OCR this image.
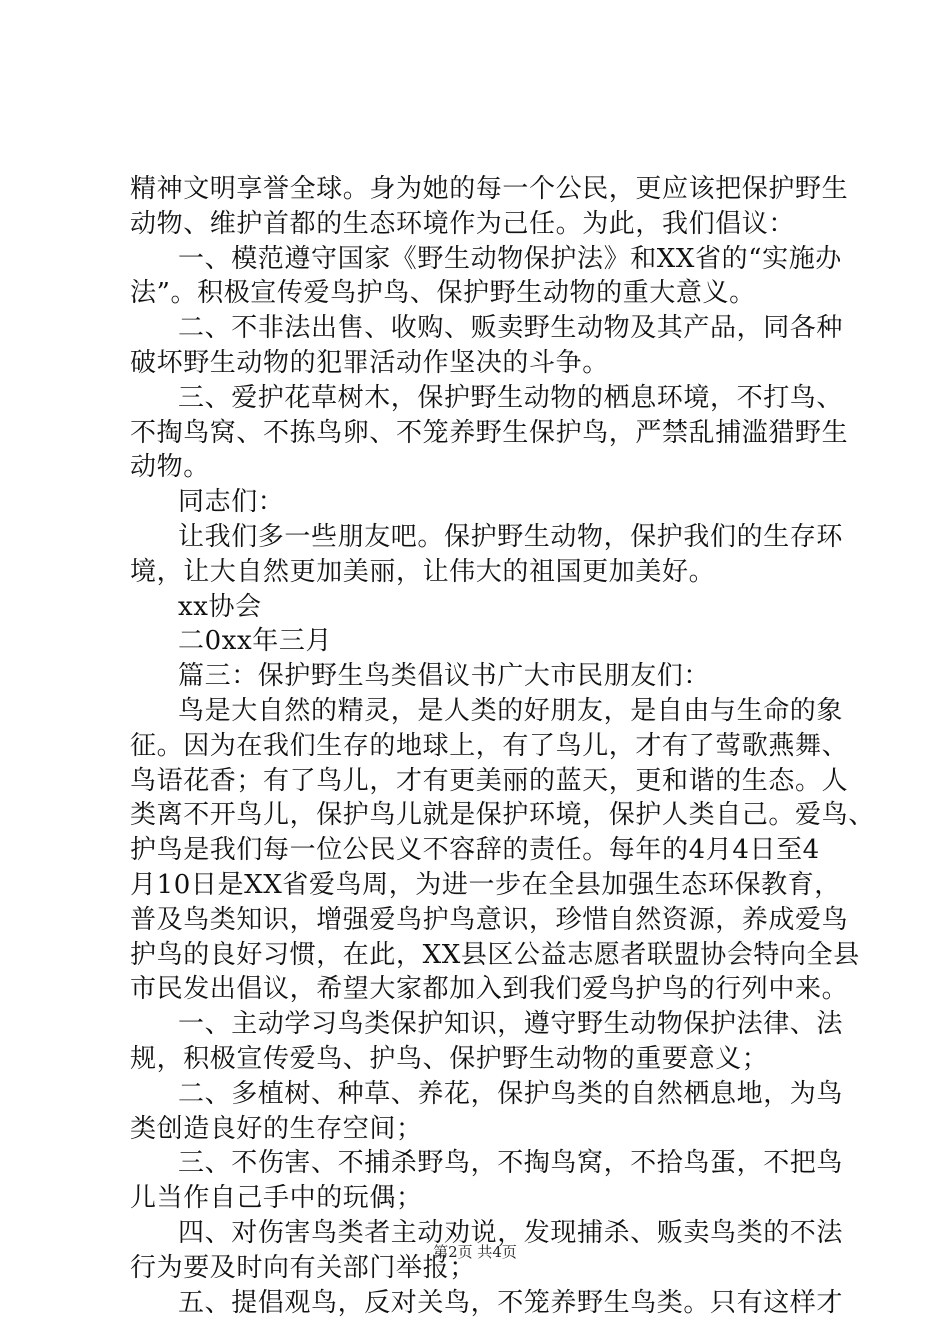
精神文明享誉全球。身为她的每一个公民，更应该把保护野生
动物、维护首都的生态环境作为己任。为此，我们倡议：
一、模范遵守国家《野生动物保护法》和XX省的“实施办
法”。积极宣传爱鸟护鸟、保护野生动物的重大意义。
二、不非法出售、收购、贩卖野生动物及其产品，同各种
破坏野生动物的犯罪活动作坚决的斗争。
三、爱护花草树木，保护野生动物的栖息环境，不打鸟、
不掏鸟窝、不拣鸟卵、不笼养野生保护鸟，严禁乱捕滥猎野生
动物。
同志们：
让我们多一些朋友吧。保护野生动物，保护我们的生存环
境，让大自然更加美丽，让伟大的祖国更加美好。
xx协会
二0xx年三月
篇三：保护野生鸟类倡议书广大市民朋友们：
鸟是大自然的精灵，是人类的好朋友，是自由与生命的象
征。因为在我们生存的地球上，有了鸟儿，才有了莺歌燕舞、
鸟语花香；有了鸟儿，才有更美丽的蓝天，更和谐的生态。人
类离不开鸟儿，保护鸟儿就是保护环境，保护人类自己。爱鸟、
护鸟是我们每一位公民义不容辞的责任。每年的4月4日至4
月10日是XX省爱鸟周，为进一步在全县加强生态环保教育，
普及鸟类知识，增强爱鸟护鸟意识，珍惜自然资源，养成爱鸟
护鸟的良好习惯，在此，XX县区公益志愿者联盟协会特向全县
市民发出倡议，希望大家都加入到我们爱鸟护鸟的行列中来。
一、主动学习鸟类保护知识，遵守野生动物保护法律、法
规，积极宣传爱鸟、护鸟、保护野生动物的重要意义；
二、多植树、种草、养花，保护鸟类的自然栖息地，为鸟
类创造良好的生存空间；
三、不伤害、不捕杀野鸟，不掏鸟窝，不拾鸟蛋，不把鸟
儿当作自己手中的玩偶；
四、对伤害鸟类者主动劝说，发现捕杀、贩卖鸟类的不法
行为要及时向有关部门举报；
五、提倡观鸟，反对关鸟，不笼养野生鸟类。只有这样才
第2页 共4页
